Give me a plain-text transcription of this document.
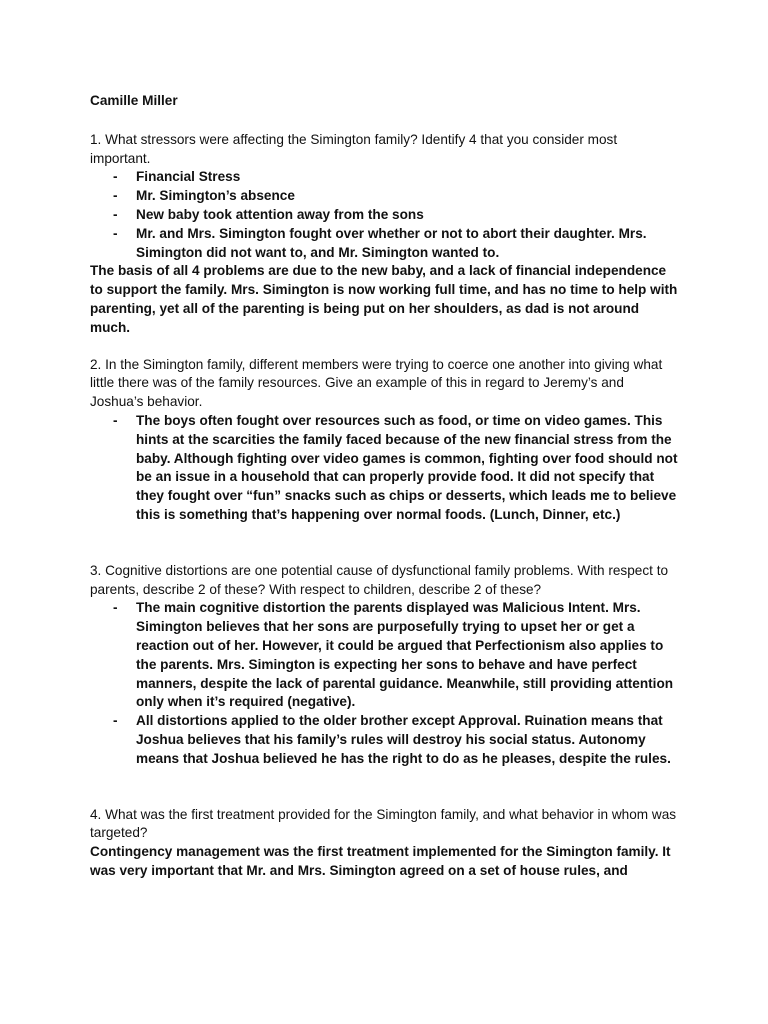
Camille Miller

1. What stressors were affecting the Simington family? Identify 4 that you consider most important.

- Financial Stress
- Mr. Simington’s absence
- New baby took attention away from the sons
- Mr. and Mrs. Simington fought over whether or not to abort their daughter. Mrs. Simington did not want to, and Mr. Simington wanted to.

The basis of all 4 problems are due to the new baby, and a lack of financial independence to support the family. Mrs. Simington is now working full time, and has no time to help with parenting, yet all of the parenting is being put on her shoulders, as dad is not around much.

2. In the Simington family, different members were trying to coerce one another into giving what little there was of the family resources. Give an example of this in regard to Jeremy’s and Joshua’s behavior.

- The boys often fought over resources such as food, or time on video games. This hints at the scarcities the family faced because of the new financial stress from the baby. Although fighting over video games is common, fighting over food should not be an issue in a household that can properly provide food. It did not specify that they fought over “fun” snacks such as chips or desserts, which leads me to believe this is something that’s happening over normal foods. (Lunch, Dinner, etc.)

3. Cognitive distortions are one potential cause of dysfunctional family problems. With respect to parents, describe 2 of these? With respect to children, describe 2 of these?

- The main cognitive distortion the parents displayed was Malicious Intent. Mrs. Simington believes that her sons are purposefully trying to upset her or get a reaction out of her. However, it could be argued that Perfectionism also applies to the parents. Mrs. Simington is expecting her sons to behave and have perfect manners, despite the lack of parental guidance. Meanwhile, still providing attention only when it’s required (negative).
- All distortions applied to the older brother except Approval. Ruination means that Joshua believes that his family’s rules will destroy his social status. Autonomy means that Joshua believed he has the right to do as he pleases, despite the rules.

4. What was the first treatment provided for the Simington family, and what behavior in whom was targeted?

Contingency management was the first treatment implemented for the Simington family. It was very important that Mr. and Mrs. Simington agreed on a set of house rules, and
